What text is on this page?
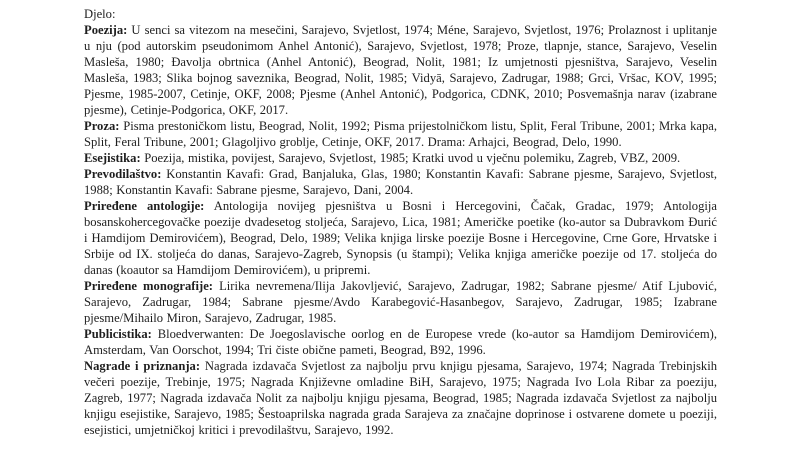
Djelo:

Poezija: U senci sa vitezom na mesečini, Sarajevo, Svjetlost, 1974; Méne, Sarajevo, Svjetlost, 1976; Prolaznost i uplitanje u nju (pod autorskim pseudonimom Anhel Antonić), Sarajevo, Svjetlost, 1978; Proze, tlapnje, stance, Sarajevo, Veselin Masleša, 1980; Đavolja obrtnica (Anhel Antonić), Beograd, Nolit, 1981; Iz umjetnosti pjesništva, Sarajevo, Veselin Masleša, 1983; Slika bojnog saveznika, Beograd, Nolit, 1985; Vidyā, Sarajevo, Zadrugar, 1988; Grci, Vršac, KOV, 1995; Pjesme, 1985-2007, Cetinje, OKF, 2008; Pjesme (Anhel Antonić), Podgorica, CDNK, 2010; Posvemašnja narav (izabrane pjesme), Cetinje-Podgorica, OKF, 2017.

Proza: Pisma prestoničkom listu, Beograd, Nolit, 1992; Pisma prijestolničkom listu, Split, Feral Tribune, 2001; Mrka kapa, Split, Feral Tribune, 2001; Glagoljivo groblje, Cetinje, OKF, 2017. Drama: Arhajci, Beograd, Delo, 1990.

Esejistika: Poezija, mistika, povijest, Sarajevo, Svjetlost, 1985; Kratki uvod u vječnu polemiku, Zagreb, VBZ, 2009.

Prevodilaštvo: Konstantin Kavafi: Grad, Banjaluka, Glas, 1980; Konstantin Kavafi: Sabrane pjesme, Sarajevo, Svjetlost, 1988; Konstantin Kavafi: Sabrane pjesme, Sarajevo, Dani, 2004.

Priređene antologije: Antologija novijeg pjesništva u Bosni i Hercegovini, Čačak, Gradac, 1979; Antologija bosanskohercegovačke poezije dvadesetog stoljeća, Sarajevo, Lica, 1981; Američke poetike (ko-autor sa Dubravkom Đurić i Hamdijom Demirovićem), Beograd, Delo, 1989; Velika knjiga lirske poezije Bosne i Hercegovine, Crne Gore, Hrvatske i Srbije od IX. stoljeća do danas, Sarajevo-Zagreb, Synopsis (u štampi); Velika knjiga američke poezije od 17. stoljeća do danas (koautor sa Hamdijom Demirovićem), u pripremi.

Priređene monografije: Lirika nevremena/Ilija Jakovljević, Sarajevo, Zadrugar, 1982; Sabrane pjesme/ Atif Ljubović, Sarajevo, Zadrugar, 1984; Sabrane pjesme/Avdo Karabegović-Hasanbegov, Sarajevo, Zadrugar, 1985; Izabrane pjesme/Mihailo Miron, Sarajevo, Zadrugar, 1985.

Publicistika: Bloedverwanten: De Joegoslavische oorlog en de Europese vrede (ko-autor sa Hamdijom Demirovićem), Amsterdam, Van Oorschot, 1994; Tri čiste obične pameti, Beograd, B92, 1996.

Nagrade i priznanja: Nagrada izdavača Svjetlost za najbolju prvu knjigu pjesama, Sarajevo, 1974; Nagrada Trebinjskih večeri poezije, Trebinje, 1975; Nagrada Književne omladine BiH, Sarajevo, 1975; Nagrada Ivo Lola Ribar za poeziju, Zagreb, 1977; Nagrada izdavača Nolit za najbolju knjigu pjesama, Beograd, 1985; Nagrada izdavača Svjetlost za najbolju knjigu esejistike, Sarajevo, 1985; Šestoaprilska nagrada grada Sarajeva za značajne doprinose i ostvarene domete u poeziji, esejistici, umjetničkoj kritici i prevodilaštvu, Sarajevo, 1992.
